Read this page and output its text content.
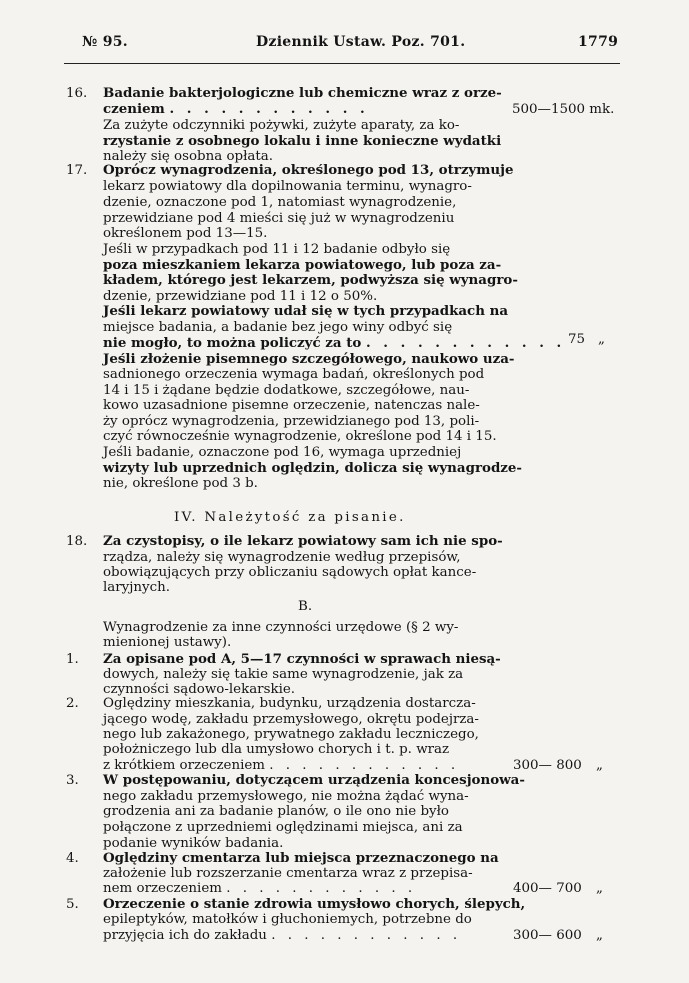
№ 95.	Dziennik Ustaw. Poz. 701.	1779
16.
17.
18.
1.
2.
3.
4.
5.
Badanie bakterjologiczne lub chemiczne wraz z orze-
czeniem . . . . . . . . . . . .
Za zużyte odczynniki pożywki, zużyte aparaty, za ko-
rzystanie z osobnego lokalu i inne konieczne wydatki
należy się osobna opłata.
Oprócz wynagrodzenia, określonego pod 13, otrzymuje
lekarz powiatowy dla dopilnowania terminu, wynagro-
dzenie, oznaczone pod 1, natomiast wynagrodzenie,
przewidziane pod 4 mieści się już w wynagrodzeniu
określonem pod 13—15.
Jeśli w przypadkach pod 11 i 12 badanie odbyło się
poza mieszkaniem lekarza powiatowego, lub poza za-
kładem, którego jest lekarzem, podwyższa się wynagro-
dzenie, przewidziane pod 11 i 12 o 50%.
Jeśli lekarz powiatowy udał się w tych przypadkach na
miejsce badania, a badanie bez jego winy odbyć się
nie mogło, to można policzyć za to . . . . . . . . . . . .
Jeśli złożenie pisemnego szczegółowego, naukowo uza-
sadnionego orzeczenia wymaga badań, określonych pod
14 i 15 i żądane będzie dodatkowe, szczegółowe, nau-
kowo uzasadnione pisemne orzeczenie, natenczas nale-
ży oprócz wynagrodzenia, przewidzianego pod 13, poli-
czyć równocześnie wynagrodzenie, określone pod 14 i 15.
Jeśli badanie, oznaczone pod 16, wymaga uprzedniej
wizyty lub uprzednich oględzin, dolicza się wynagrodze-
nie, określone pod 3 b.
IV. Należytość za pisanie.
Za czystopisy, o ile lekarz powiatowy sam ich nie spo-
rządza, należy się wynagrodzenie według przepisów,
obowiązujących przy obliczaniu sądowych opłat kance-
laryjnych.
B.
Wynagrodzenie za inne czynności urzędowe (§ 2 wy-
mienionej ustawy).
Za opisane pod A, 5—17 czynności w sprawach niesą-
dowych, należy się takie same wynagrodzenie, jak za
czynności sądowo-lekarskie.
Oględziny mieszkania, budynku, urządzenia dostarcza-
jącego wodę, zakładu przemysłowego, okrętu podejrza-
nego lub zakażonego, prywatnego zakładu leczniczego,
położniczego lub dla umysłowo chorych i t. p. wraz
z krótkiem orzeczeniem . . . . . . . . . . . .
W postępowaniu, dotyczącem urządzenia koncesjonowa-
nego zakładu przemysłowego, nie można żądać wyna-
grodzenia ani za badanie planów, o ile ono nie było
połączone z uprzedniemi oględzinami miejsca, ani za
podanie wyników badania.
Oględziny cmentarza lub miejsca przeznaczonego na
założenie lub rozszerzanie cmentarza wraz z przepisa-
nem orzeczeniem . . . . . . . . . . . .
Orzeczenie o stanie zdrowia umysłowo chorych, ślepych,
epileptyków, matołków i głuchoniemych, potrzebne do
przyjęcia ich do zakładu . . . . . . . . . . . .
500—1500 mk.
75 „
300— 800 „
400— 700 „
300— 600 „
